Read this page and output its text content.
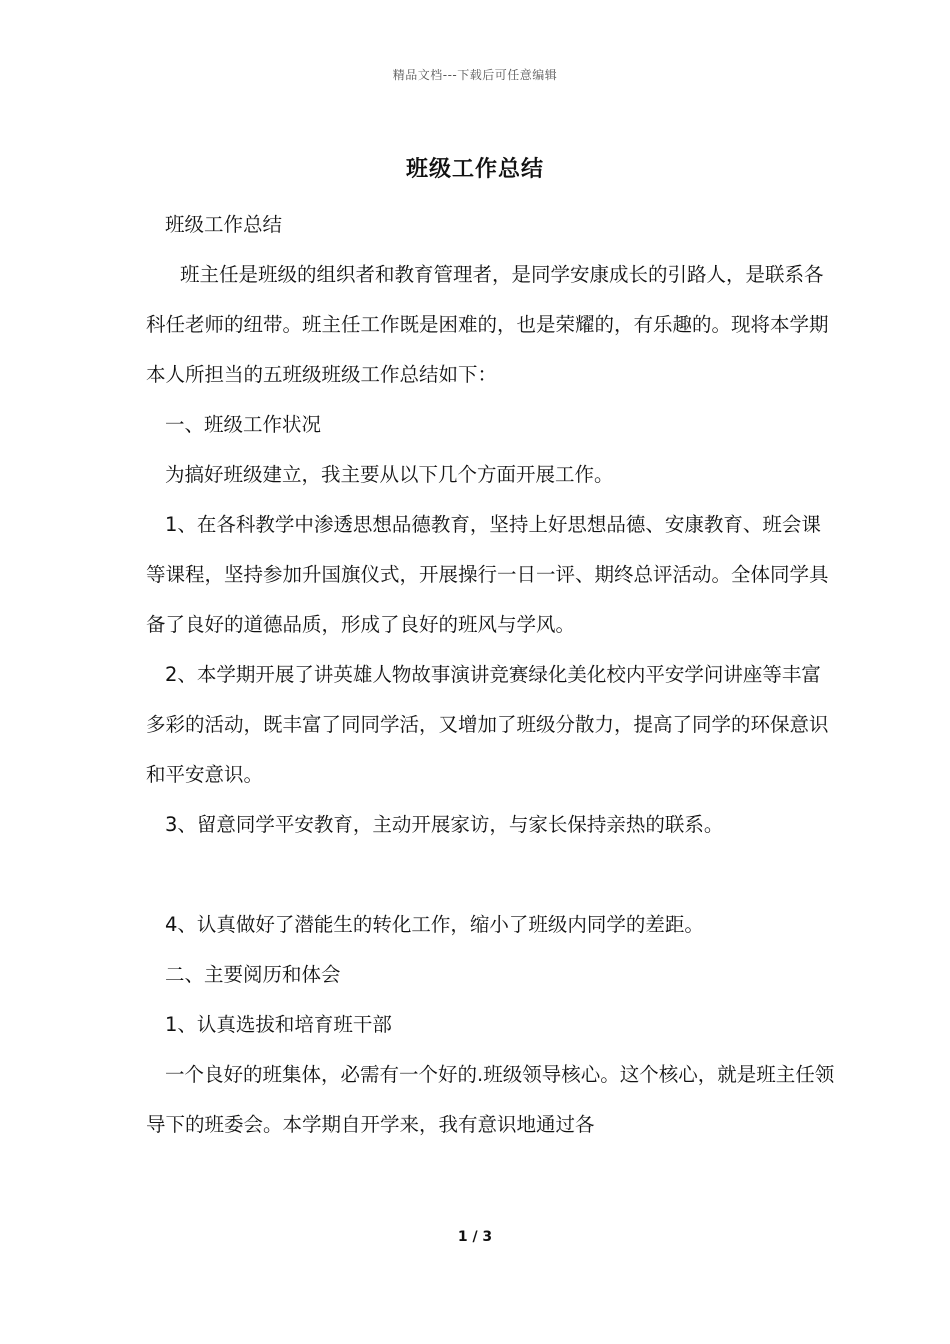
精品文档---下载后可任意编辑
班级工作总结

班级工作总结

班主任是班级的组织者和教育管理者，是同学安康成长的引路人，是联系各科任老师的纽带。班主任工作既是困难的，也是荣耀的，有乐趣的。现将本学期本人所担当的五班级班级工作总结如下：

一、班级工作状况

为搞好班级建立，我主要从以下几个方面开展工作。

1、在各科教学中渗透思想品德教育，坚持上好思想品德、安康教育、班会课等课程，坚持参加升国旗仪式，开展操行一日一评、期终总评活动。全体同学具备了良好的道德品质，形成了良好的班风与学风。

2、本学期开展了讲英雄人物故事演讲竞赛绿化美化校内平安学问讲座等丰富多彩的活动，既丰富了同同学活，又增加了班级分散力，提高了同学的环保意识和平安意识。

3、留意同学平安教育，主动开展家访，与家长保持亲热的联系。

4、认真做好了潜能生的转化工作，缩小了班级内同学的差距。

二、主要阅历和体会

1、认真选拔和培育班干部

一个良好的班集体，必需有一个好的.班级领导核心。这个核心，就是班主任领导下的班委会。本学期自开学来，我有意识地通过各

1 / 3
